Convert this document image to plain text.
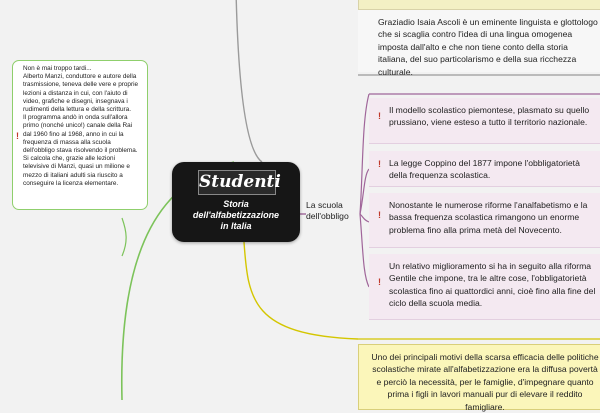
!
Non è mai troppo tardi...
Alberto Manzi, conduttore e autore della trasmissione, teneva delle vere e proprie lezioni a distanza in cui, con l'aiuto di video, grafiche e disegni, insegnava i rudimenti della lettura e della scrittura.
Il programma andò in onda sull'allora primo (nonché unico!) canale della Rai dal 1960 fino al 1968, anno in cui la frequenza di massa alla scuola dell'obbligo stava risolvendo il problema.
Si calcola che, grazie alle lezioni televisive di Manzi, quasi un milione e mezzo di italiani adulti sia riuscito a conseguire la licenza elementare.
Graziadio Isaia Ascoli è un eminente linguista e glottologo che si scaglia contro l'idea di una lingua omogenea imposta dall'alto e che non tiene conto della storia italiana, del suo particolarismo e della sua ricchezza culturale.
!
Il modello scolastico piemontese, plasmato su quello prussiano, viene esteso a tutto il territorio nazionale.
! La legge Coppino del 1877 impone l'obbligatorietà della frequenza scolastica.
!
Nonostante le numerose riforme l'analfabetismo e la bassa frequenza scolastica rimangono un enorme problema fino alla prima metà del Novecento.
!
Un relativo miglioramento si ha in seguito alla riforma Gentile che impone, tra le altre cose, l'obbligatorietà scolastica fino ai quattordici anni, cioè fino alla fine del ciclo della scuola media.
Uno dei principali motivi della scarsa efficacia delle politiche scolastiche mirate all'alfabetizzazione era la diffusa povertà e perciò la necessità, per le famiglie, d'impegnare quanto prima i figli in lavori manuali pur di elevare il reddito famigliare.
Studenti
Storia
dell'alfabetizzazione
in Italia
La scuola
dell'obbligo
